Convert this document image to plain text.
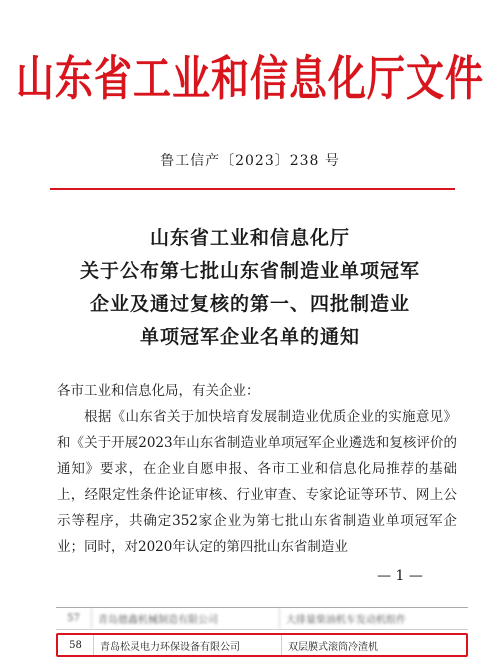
山东省工业和信息化厅文件
鲁工信产〔2023〕238 号
山东省工业和信息化厅
关于公布第七批山东省制造业单项冠军
企业及通过复核的第一、四批制造业
单项冠军企业名单的通知

各市工业和信息化局，有关企业：

根据《山东省关于加快培育发展制造业优质企业的实施意见》和《关于开展2023年山东省制造业单项冠军企业遴选和复核评价的通知》要求，在企业自愿申报、各市工业和信息化局推荐的基础上，经限定性条件论证审核、行业审查、专家论证等环节、网上公示等程序，共确定352家企业为第七批山东省制造业单项冠军企业；同时，对2020年认定的第四批山东省制造业

— 1 —
57	青岛德鑫机械制造有限公司	大排量柴油机车发动机组件
58	青岛松灵电力环保设备有限公司	双层膜式滚筒冷渣机
